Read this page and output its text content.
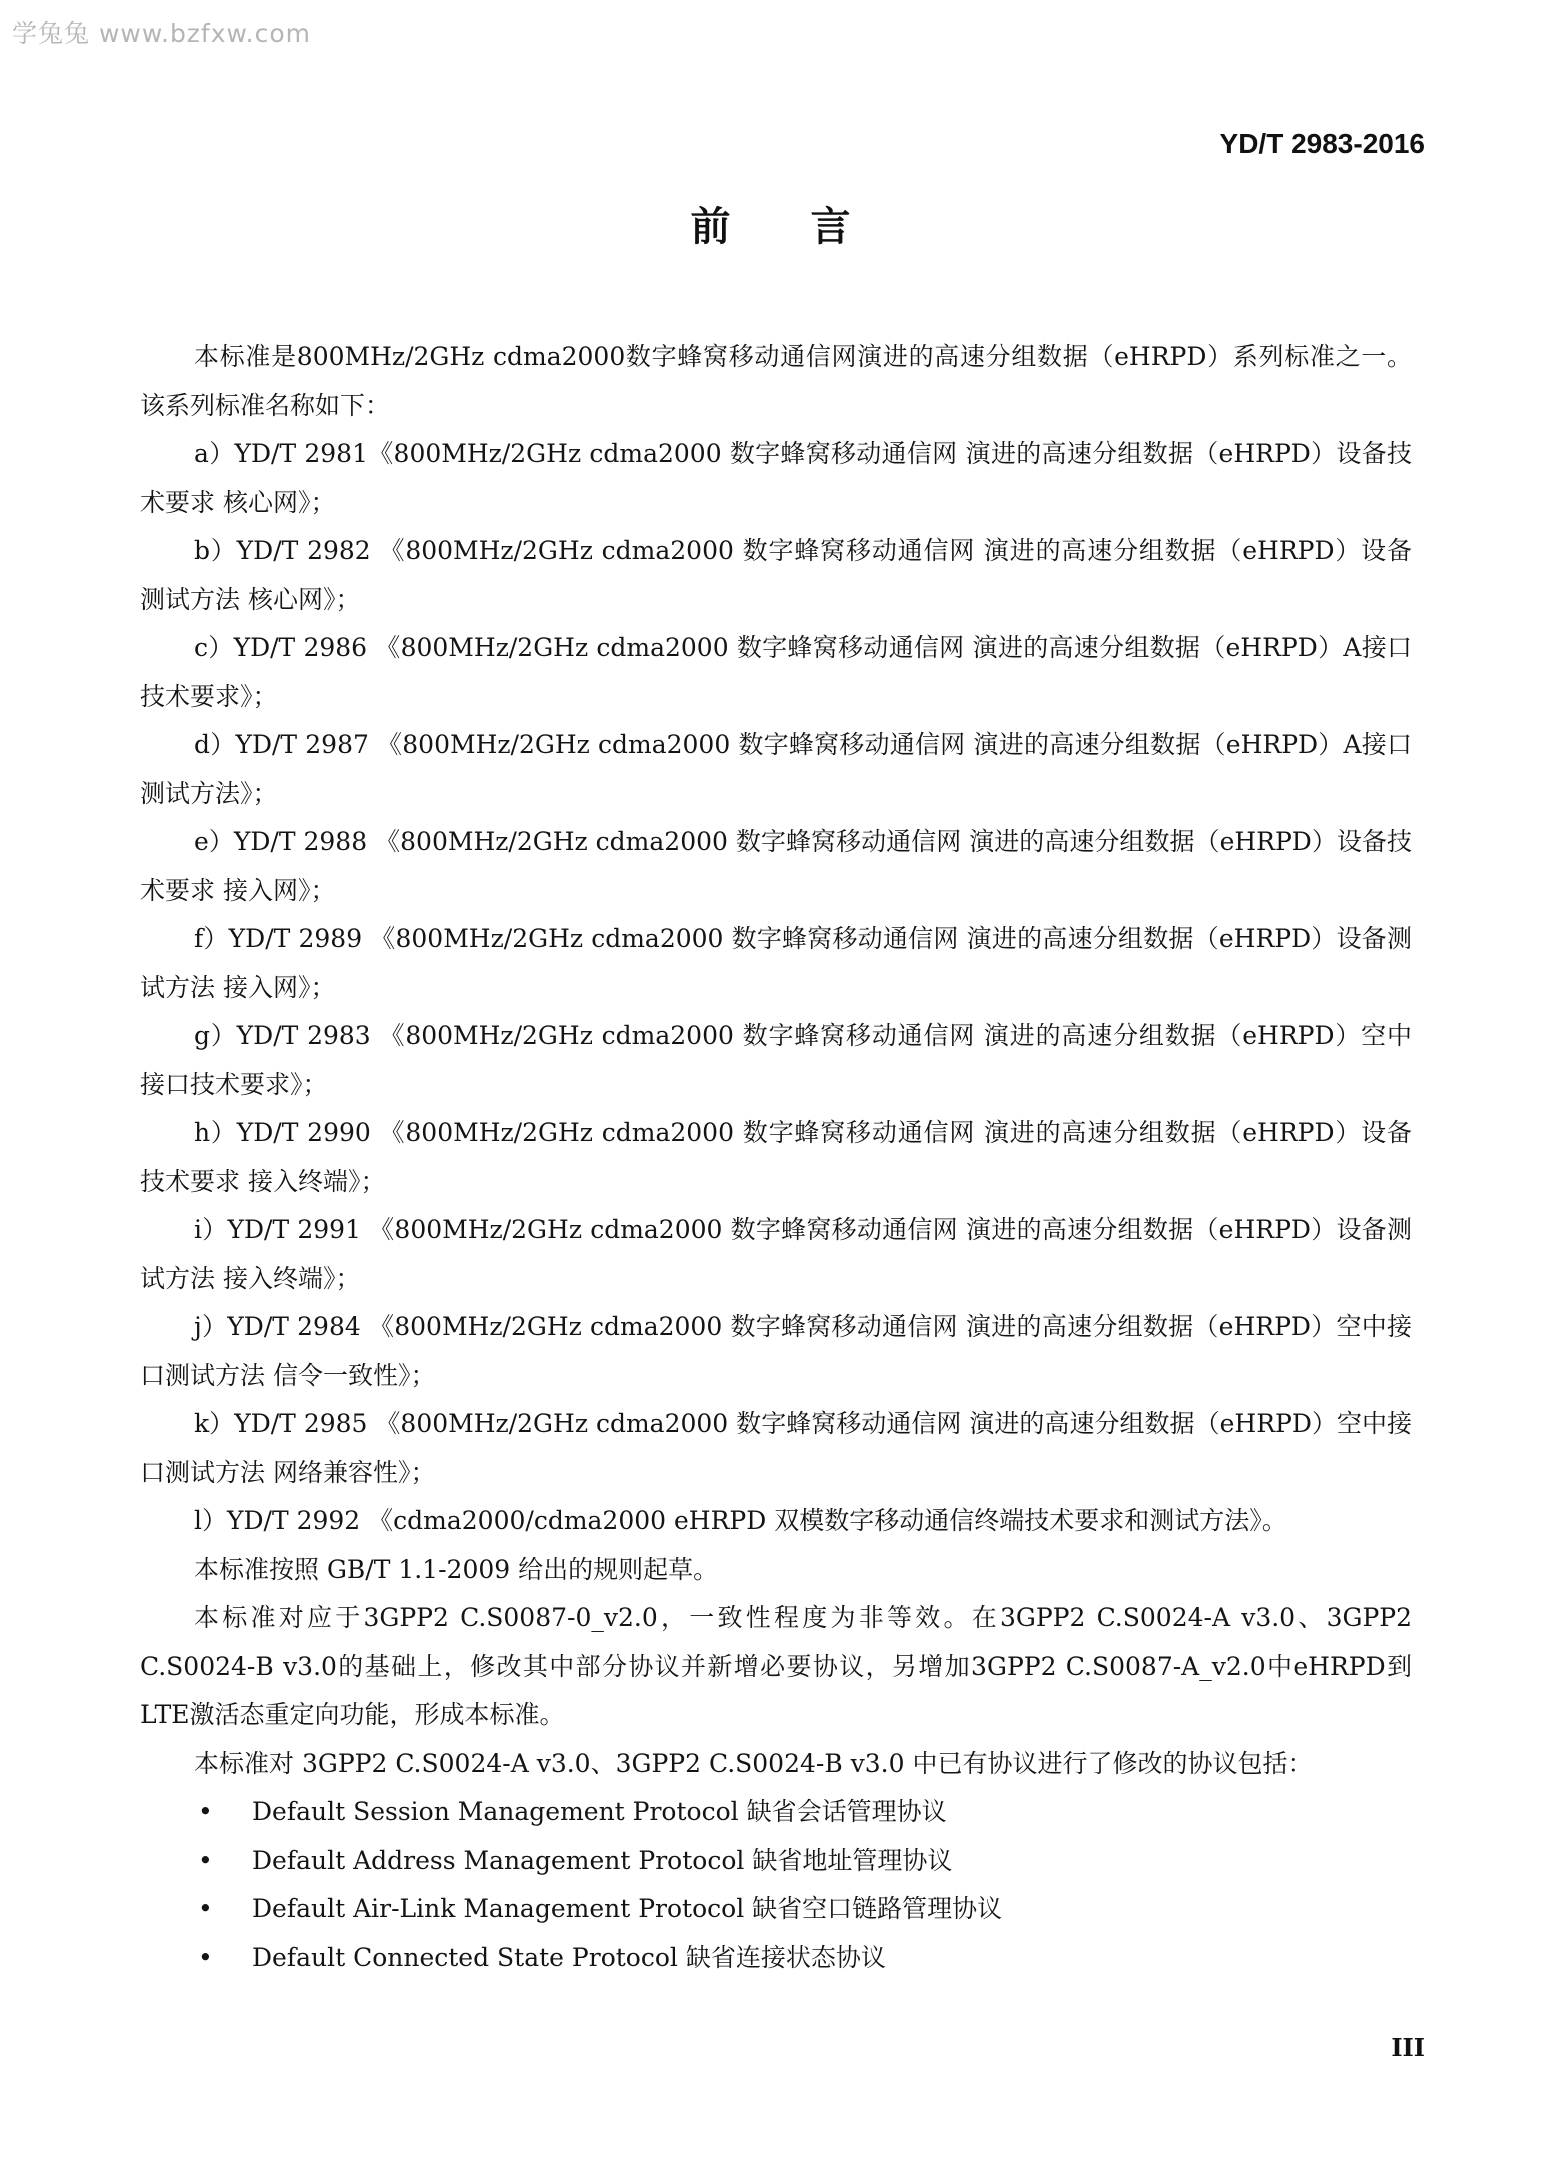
学兔兔 www.bzfxw.com
YD/T 2983-2016
前言

本标准是800MHz/2GHz cdma2000数字蜂窝移动通信网演进的高速分组数据（eHRPD）系列标准之一。该系列标准名称如下：

a）YD/T 2981《800MHz/2GHz cdma2000 数字蜂窝移动通信网 演进的高速分组数据（eHRPD）设备技术要求 核心网》；

b）YD/T 2982 《800MHz/2GHz cdma2000 数字蜂窝移动通信网 演进的高速分组数据（eHRPD）设备测试方法 核心网》；

c）YD/T 2986 《800MHz/2GHz cdma2000 数字蜂窝移动通信网 演进的高速分组数据（eHRPD）A接口技术要求》；

d）YD/T 2987 《800MHz/2GHz cdma2000 数字蜂窝移动通信网 演进的高速分组数据（eHRPD）A接口测试方法》；

e）YD/T 2988 《800MHz/2GHz cdma2000 数字蜂窝移动通信网 演进的高速分组数据（eHRPD）设备技术要求 接入网》；

f）YD/T 2989 《800MHz/2GHz cdma2000 数字蜂窝移动通信网 演进的高速分组数据（eHRPD）设备测试方法 接入网》；

g）YD/T 2983 《800MHz/2GHz cdma2000 数字蜂窝移动通信网 演进的高速分组数据（eHRPD）空中接口技术要求》；

h）YD/T 2990 《800MHz/2GHz cdma2000 数字蜂窝移动通信网 演进的高速分组数据（eHRPD）设备技术要求 接入终端》；

i）YD/T 2991 《800MHz/2GHz cdma2000 数字蜂窝移动通信网 演进的高速分组数据（eHRPD）设备测试方法 接入终端》；

j）YD/T 2984 《800MHz/2GHz cdma2000 数字蜂窝移动通信网 演进的高速分组数据（eHRPD）空中接口测试方法 信令一致性》；

k）YD/T 2985 《800MHz/2GHz cdma2000 数字蜂窝移动通信网 演进的高速分组数据（eHRPD）空中接口测试方法 网络兼容性》；

l）YD/T 2992 《cdma2000/cdma2000 eHRPD 双模数字移动通信终端技术要求和测试方法》。

本标准按照 GB/T 1.1-2009 给出的规则起草。

本标准对应于3GPP2 C.S0087-0_v2.0，一致性程度为非等效。在3GPP2 C.S0024-A v3.0、3GPP2 C.S0024-B v3.0的基础上，修改其中部分协议并新增必要协议，另增加3GPP2 C.S0087-A_v2.0中eHRPD到LTE激活态重定向功能，形成本标准。

本标准对 3GPP2 C.S0024-A v3.0、3GPP2 C.S0024-B v3.0 中已有协议进行了修改的协议包括：

• Default Session Management Protocol 缺省会话管理协议
• Default Address Management Protocol 缺省地址管理协议
• Default Air-Link Management Protocol 缺省空口链路管理协议
• Default Connected State Protocol 缺省连接状态协议
III
